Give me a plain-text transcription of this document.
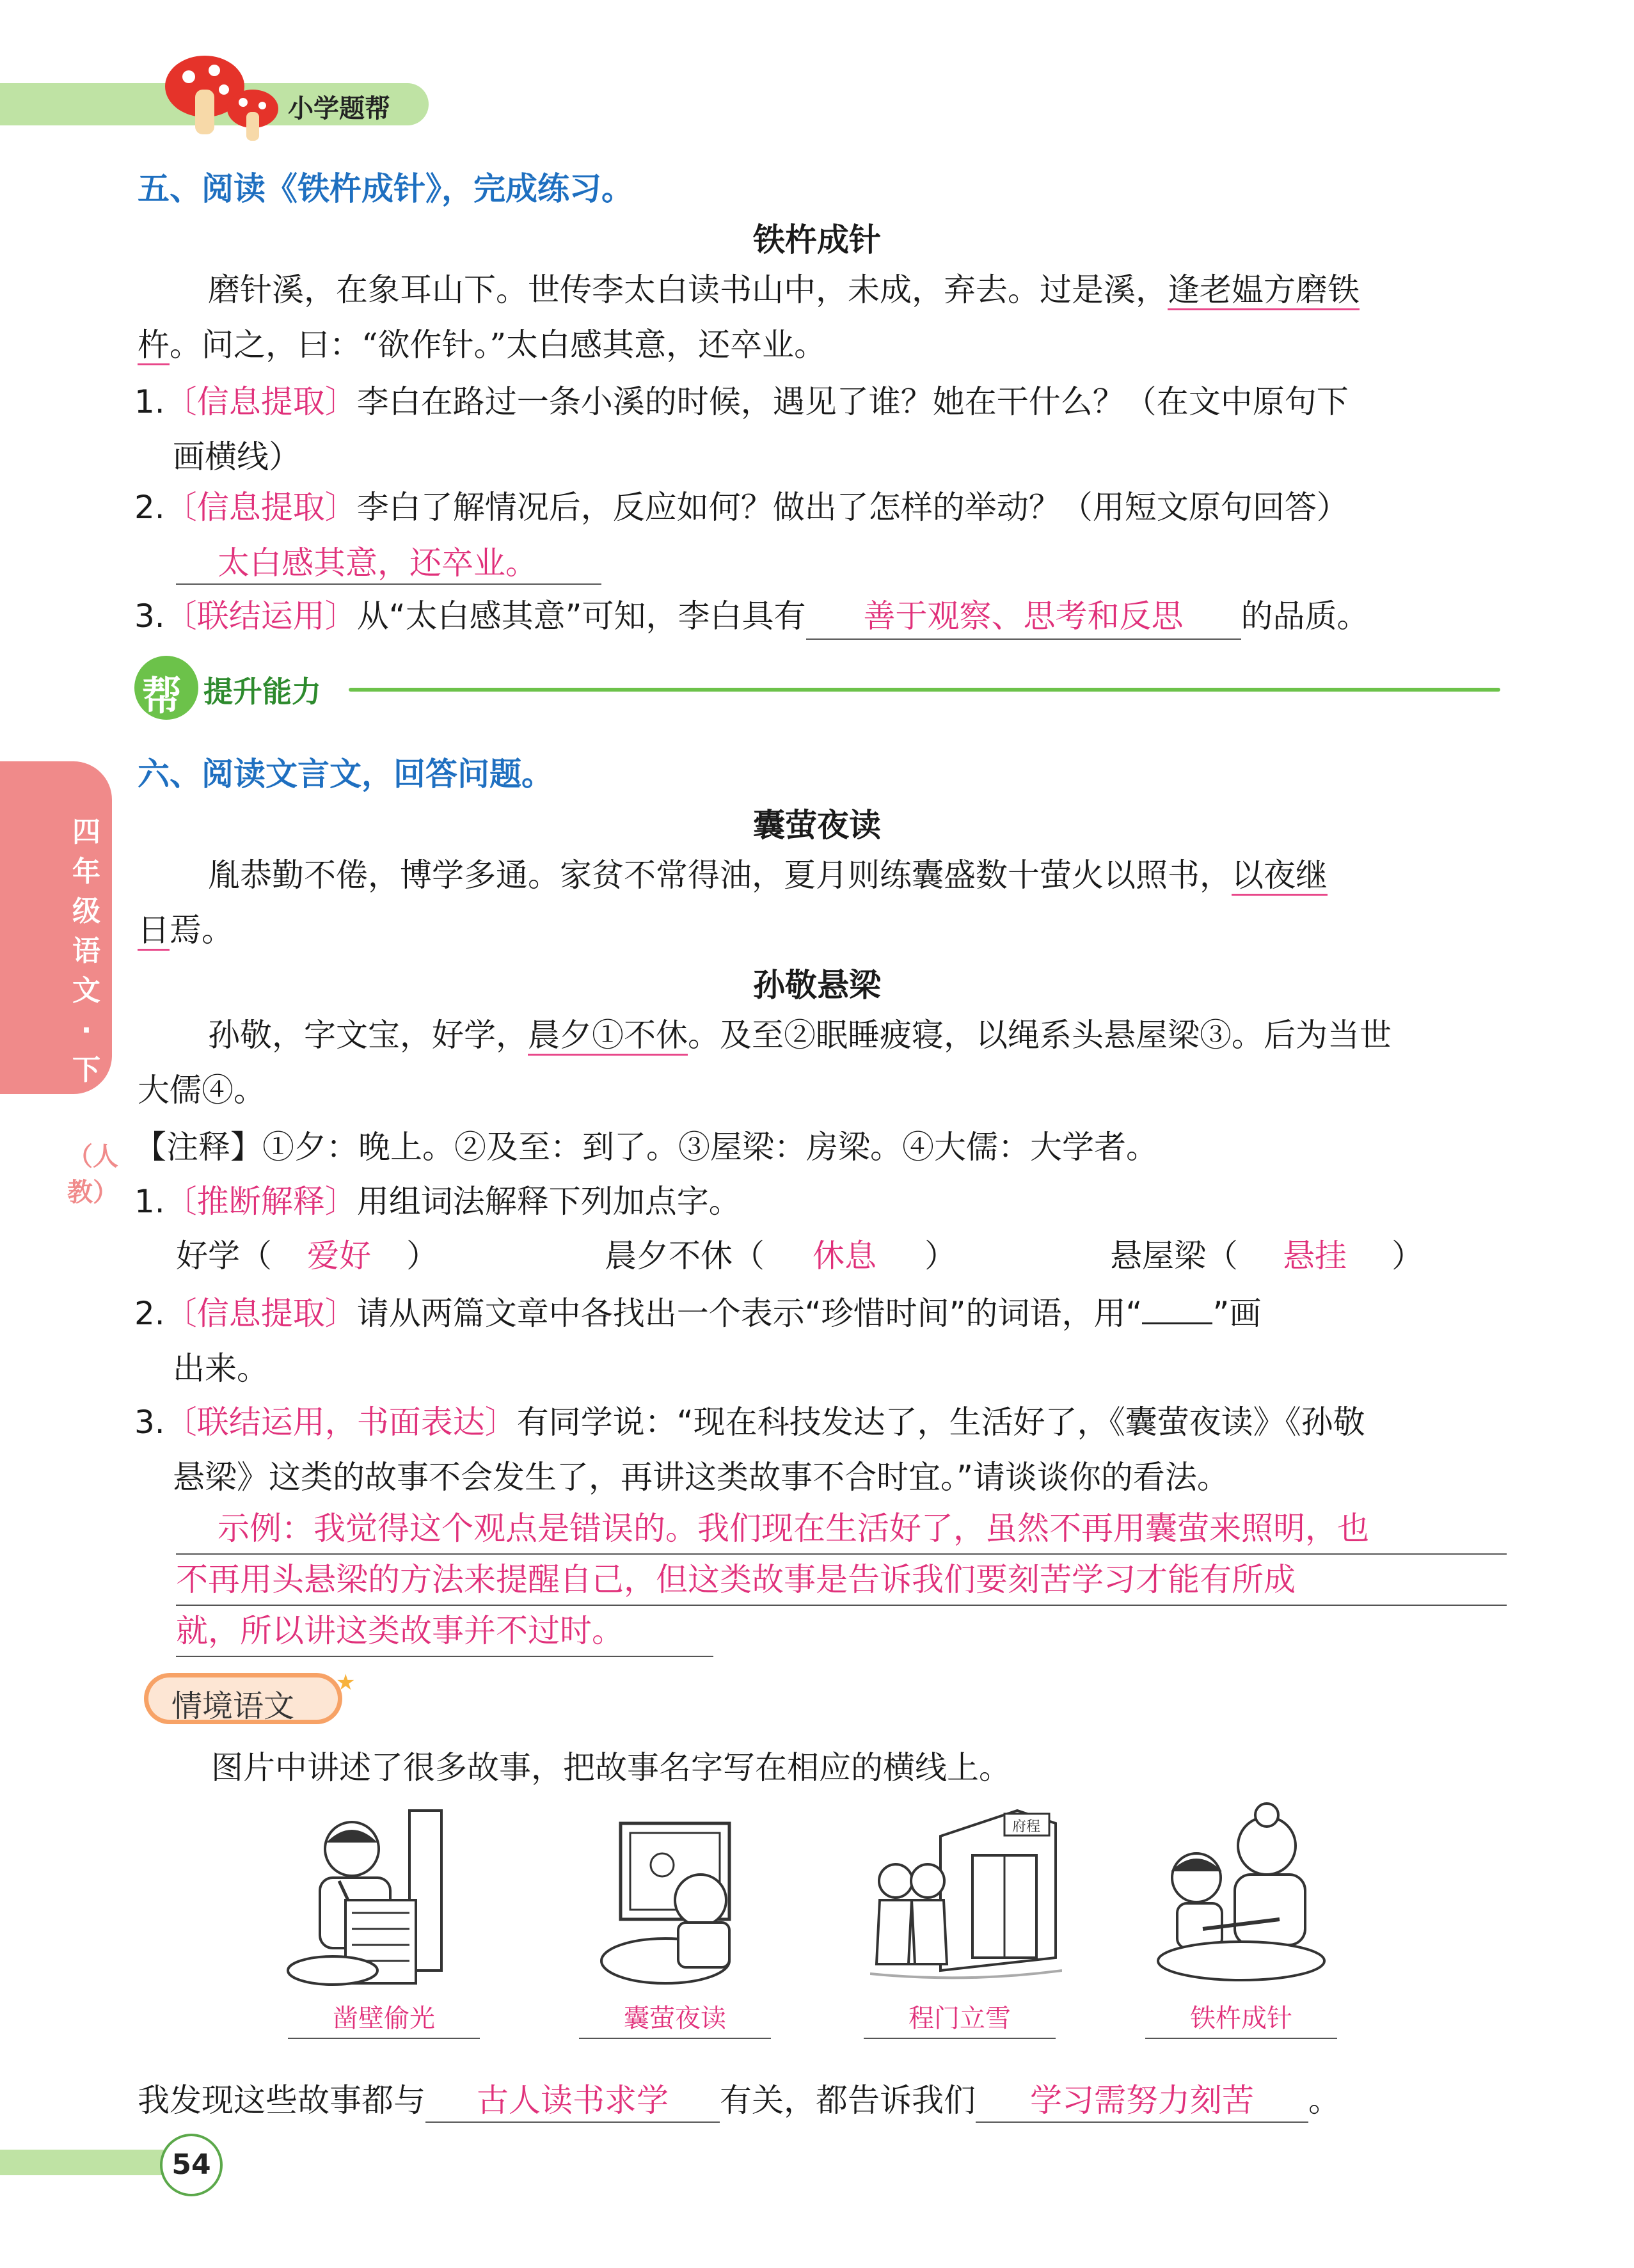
小学题帮
四年级语文·下
（人教）
五、阅读《铁杵成针》，完成练习。
铁杵成针
磨针溪，在象耳山下。世传李太白读书山中，未成，弃去。过是溪，逢老媪方磨铁
杵。问之，曰：“欲作针。”太白感其意，还卒业。
1.〔信息提取〕李白在路过一条小溪的时候，遇见了谁？她在干什么？（在文中原句下
画横线）
2.〔信息提取〕李白了解情况后，反应如何？做出了怎样的举动？（用短文原句回答）
太白感其意，还卒业。
3.〔联结运用〕从“太白感其意”可知，李白具有 善于观察、思考和反思 的品质。
帮 提升能力
六、阅读文言文，回答问题。
囊萤夜读
胤恭勤不倦，博学多通。家贫不常得油，夏月则练囊盛数十萤火以照书，以夜继
日焉。
孙敬悬梁
孙敬，字文宝，好学，晨夕①不休。及至②眠睡疲寝，以绳系头悬屋梁③。后为当世
大儒④。
【注释】①夕：晚上。②及至：到了。③屋梁：房梁。④大儒：大学者。
1.〔推断解释〕用组词法解释下列加点字。
好学（ 爱好 ）	晨夕不休（ 休息 ）	悬屋梁（ 悬挂 ）
2.〔信息提取〕请从两篇文章中各找出一个表示“珍惜时间”的词语，用“ ”画
出来。
3.〔联结运用，书面表达〕有同学说：“现在科技发达了，生活好了，《囊萤夜读》《孙敬
悬梁》这类的故事不会发生了，再讲这类故事不合时宜。”请谈谈你的看法。
示例：我觉得这个观点是错误的。我们现在生活好了，虽然不再用囊萤来照明，也
不再用头悬梁的方法来提醒自己，但这类故事是告诉我们要刻苦学习才能有所成
就，所以讲这类故事并不过时。
情境语文
★
图片中讲述了很多故事，把故事名字写在相应的横线上。
府程
凿壁偷光	囊萤夜读	程门立雪	铁杵成针
我发现这些故事都与 古人读书求学 有关，都告诉我们 学习需努力刻苦 。
54
